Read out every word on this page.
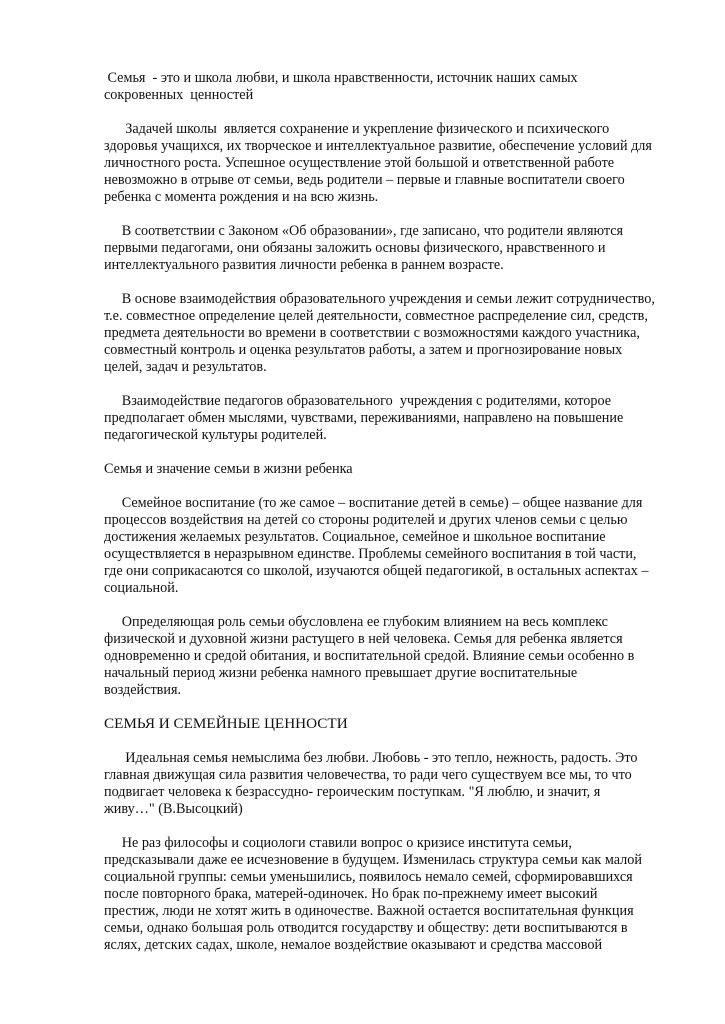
Семья  - это и школа любви, и школа нравственности, источник наших самых
сокровенных  ценностей
Задачей школы  является сохранение и укрепление физического и психического
здоровья учащихся, их творческое и интеллектуальное развитие, обеспечение условий для
личностного роста. Успешное осуществление этой большой и ответственной работе
невозможно в отрыве от семьи, ведь родители – первые и главные воспитатели своего
ребенка с момента рождения и на всю жизнь.
В соответствии с Законом «Об образовании», где записано, что родители являются
первыми педагогами, они обязаны заложить основы физического, нравственного и
интеллектуального развития личности ребенка в раннем возрасте.
В основе взаимодействия образовательного учреждения и семьи лежит сотрудничество,
т.е. совместное определение целей деятельности, совместное распределение сил, средств,
предмета деятельности во времени в соответствии с возможностями каждого участника,
совместный контроль и оценка результатов работы, а затем и прогнозирование новых
целей, задач и результатов.
Взаимодействие педагогов образовательного  учреждения с родителями, которое
предполагает обмен мыслями, чувствами, переживаниями, направлено на повышение
педагогической культуры родителей.
Семья и значение семьи в жизни ребенка
Семейное воспитание (то же самое – воспитание детей в семье) – общее название для
процессов воздействия на детей со стороны родителей и других членов семьи с целью
достижения желаемых результатов. Социальное, семейное и школьное воспитание
осуществляется в неразрывном единстве. Проблемы семейного воспитания в той части,
где они соприкасаются со школой, изучаются общей педагогикой, в остальных аспектах –
социальной.
Определяющая роль семьи обусловлена ее глубоким влиянием на весь комплекс
физической и духовной жизни растущего в ней человека. Семья для ребенка является
одновременно и средой обитания, и воспитательной средой. Влияние семьи особенно в
начальный период жизни ребенка намного превышает другие воспитательные
воздействия.
СЕМЬЯ И СЕМЕЙНЫЕ ЦЕННОСТИ
Идеальная семья немыслима без любви. Любовь - это тепло, нежность, радость. Это
главная движущая сила развития человечества, то ради чего существуем все мы, то что
подвигает человека к безрассудно- героическим поступкам. "Я люблю, и значит, я
живу…" (В.Высоцкий)
Не раз философы и социологи ставили вопрос о кризисе института семьи,
предсказывали даже ее исчезновение в будущем. Изменилась структура семьи как малой
социальной группы: семьи уменьшились, появилось немало семей, сформировавшихся
после повторного брака, матерей-одиночек. Но брак по-прежнему имеет высокий
престиж, люди не хотят жить в одиночестве. Важной остается воспитательная функция
семьи, однако большая роль отводится государству и обществу: дети воспитываются в
яслях, детских садах, школе, немалое воздействие оказывают и средства массовой
